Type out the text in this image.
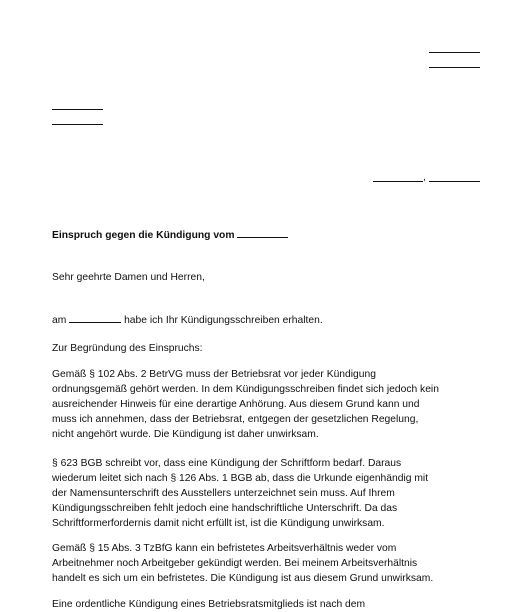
,
Einspruch gegen die Kündigung vom
Sehr geehrte Damen und Herren,
am	habe ich Ihr Kündigungsschreiben erhalten.
Zur Begründung des Einspruchs:
Gemäß § 102 Abs. 2 BetrVG muss der Betriebsrat vor jeder Kündigung
ordnungsgemäß gehört werden. In dem Kündigungsschreiben findet sich jedoch kein
ausreichender Hinweis für eine derartige Anhörung. Aus diesem Grund kann und
muss ich annehmen, dass der Betriebsrat, entgegen der gesetzlichen Regelung,
nicht angehört wurde. Die Kündigung ist daher unwirksam.
§ 623 BGB schreibt vor, dass eine Kündigung der Schriftform bedarf. Daraus
wiederum leitet sich nach § 126 Abs. 1 BGB ab, dass die Urkunde eigenhändig mit
der Namensunterschrift des Ausstellers unterzeichnet sein muss. Auf Ihrem
Kündigungsschreiben fehlt jedoch eine handschriftliche Unterschrift. Da das
Schriftformerfordernis damit nicht erfüllt ist, ist die Kündigung unwirksam.
Gemäß § 15 Abs. 3 TzBfG kann ein befristetes Arbeitsverhältnis weder vom
Arbeitnehmer noch Arbeitgeber gekündigt werden. Bei meinem Arbeitsverhältnis
handelt es sich um ein befristetes. Die Kündigung ist aus diesem Grund unwirksam.
Eine ordentliche Kündigung eines Betriebsratsmitglieds ist nach dem
